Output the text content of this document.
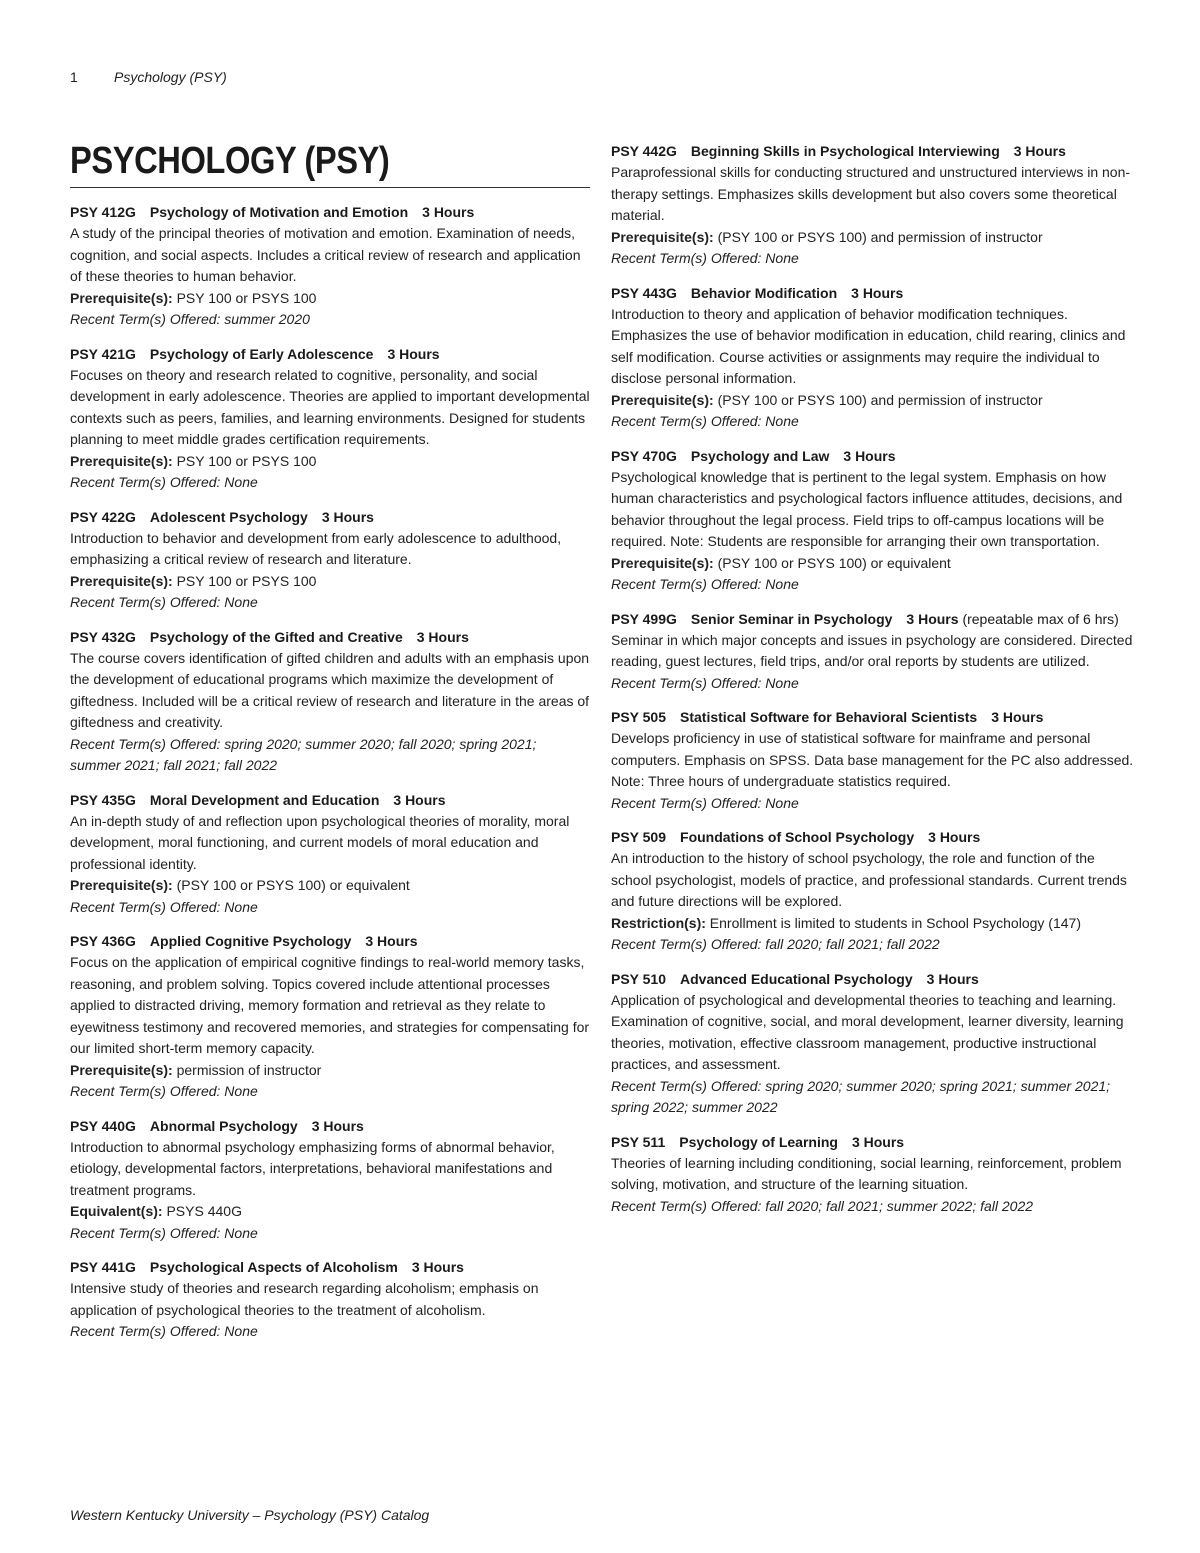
1	Psychology (PSY)
PSYCHOLOGY (PSY)
PSY 412G Psychology of Motivation and Emotion 3 Hours
A study of the principal theories of motivation and emotion. Examination of needs, cognition, and social aspects. Includes a critical review of research and application of these theories to human behavior.
Prerequisite(s): PSY 100 or PSYS 100
Recent Term(s) Offered: summer 2020
PSY 421G Psychology of Early Adolescence 3 Hours
Focuses on theory and research related to cognitive, personality, and social development in early adolescence. Theories are applied to important developmental contexts such as peers, families, and learning environments. Designed for students planning to meet middle grades certification requirements.
Prerequisite(s): PSY 100 or PSYS 100
Recent Term(s) Offered: None
PSY 422G Adolescent Psychology 3 Hours
Introduction to behavior and development from early adolescence to adulthood, emphasizing a critical review of research and literature.
Prerequisite(s): PSY 100 or PSYS 100
Recent Term(s) Offered: None
PSY 432G Psychology of the Gifted and Creative 3 Hours
The course covers identification of gifted children and adults with an emphasis upon the development of educational programs which maximize the development of giftedness. Included will be a critical review of research and literature in the areas of giftedness and creativity.
Recent Term(s) Offered: spring 2020; summer 2020; fall 2020; spring 2021; summer 2021; fall 2021; fall 2022
PSY 435G Moral Development and Education 3 Hours
An in-depth study of and reflection upon psychological theories of morality, moral development, moral functioning, and current models of moral education and professional identity.
Prerequisite(s): (PSY 100 or PSYS 100) or equivalent
Recent Term(s) Offered: None
PSY 436G Applied Cognitive Psychology 3 Hours
Focus on the application of empirical cognitive findings to real-world memory tasks, reasoning, and problem solving. Topics covered include attentional processes applied to distracted driving, memory formation and retrieval as they relate to eyewitness testimony and recovered memories, and strategies for compensating for our limited short-term memory capacity.
Prerequisite(s): permission of instructor
Recent Term(s) Offered: None
PSY 440G Abnormal Psychology 3 Hours
Introduction to abnormal psychology emphasizing forms of abnormal behavior, etiology, developmental factors, interpretations, behavioral manifestations and treatment programs.
Equivalent(s): PSYS 440G
Recent Term(s) Offered: None
PSY 441G Psychological Aspects of Alcoholism 3 Hours
Intensive study of theories and research regarding alcoholism; emphasis on application of psychological theories to the treatment of alcoholism.
Recent Term(s) Offered: None
PSY 442G Beginning Skills in Psychological Interviewing 3 Hours
Paraprofessional skills for conducting structured and unstructured interviews in non-therapy settings. Emphasizes skills development but also covers some theoretical material.
Prerequisite(s): (PSY 100 or PSYS 100) and permission of instructor
Recent Term(s) Offered: None
PSY 443G Behavior Modification 3 Hours
Introduction to theory and application of behavior modification techniques. Emphasizes the use of behavior modification in education, child rearing, clinics and self modification. Course activities or assignments may require the individual to disclose personal information.
Prerequisite(s): (PSY 100 or PSYS 100) and permission of instructor
Recent Term(s) Offered: None
PSY 470G Psychology and Law 3 Hours
Psychological knowledge that is pertinent to the legal system. Emphasis on how human characteristics and psychological factors influence attitudes, decisions, and behavior throughout the legal process. Field trips to off-campus locations will be required. Note: Students are responsible for arranging their own transportation.
Prerequisite(s): (PSY 100 or PSYS 100) or equivalent
Recent Term(s) Offered: None
PSY 499G Senior Seminar in Psychology 3 Hours (repeatable max of 6 hrs)
Seminar in which major concepts and issues in psychology are considered. Directed reading, guest lectures, field trips, and/or oral reports by students are utilized.
Recent Term(s) Offered: None
PSY 505 Statistical Software for Behavioral Scientists 3 Hours
Develops proficiency in use of statistical software for mainframe and personal computers. Emphasis on SPSS. Data base management for the PC also addressed. Note: Three hours of undergraduate statistics required.
Recent Term(s) Offered: None
PSY 509 Foundations of School Psychology 3 Hours
An introduction to the history of school psychology, the role and function of the school psychologist, models of practice, and professional standards. Current trends and future directions will be explored.
Restriction(s): Enrollment is limited to students in School Psychology (147)
Recent Term(s) Offered: fall 2020; fall 2021; fall 2022
PSY 510 Advanced Educational Psychology 3 Hours
Application of psychological and developmental theories to teaching and learning. Examination of cognitive, social, and moral development, learner diversity, learning theories, motivation, effective classroom management, productive instructional practices, and assessment.
Recent Term(s) Offered: spring 2020; summer 2020; spring 2021; summer 2021; spring 2022; summer 2022
PSY 511 Psychology of Learning 3 Hours
Theories of learning including conditioning, social learning, reinforcement, problem solving, motivation, and structure of the learning situation.
Recent Term(s) Offered: fall 2020; fall 2021; summer 2022; fall 2022
Western Kentucky University – Psychology (PSY) Catalog
